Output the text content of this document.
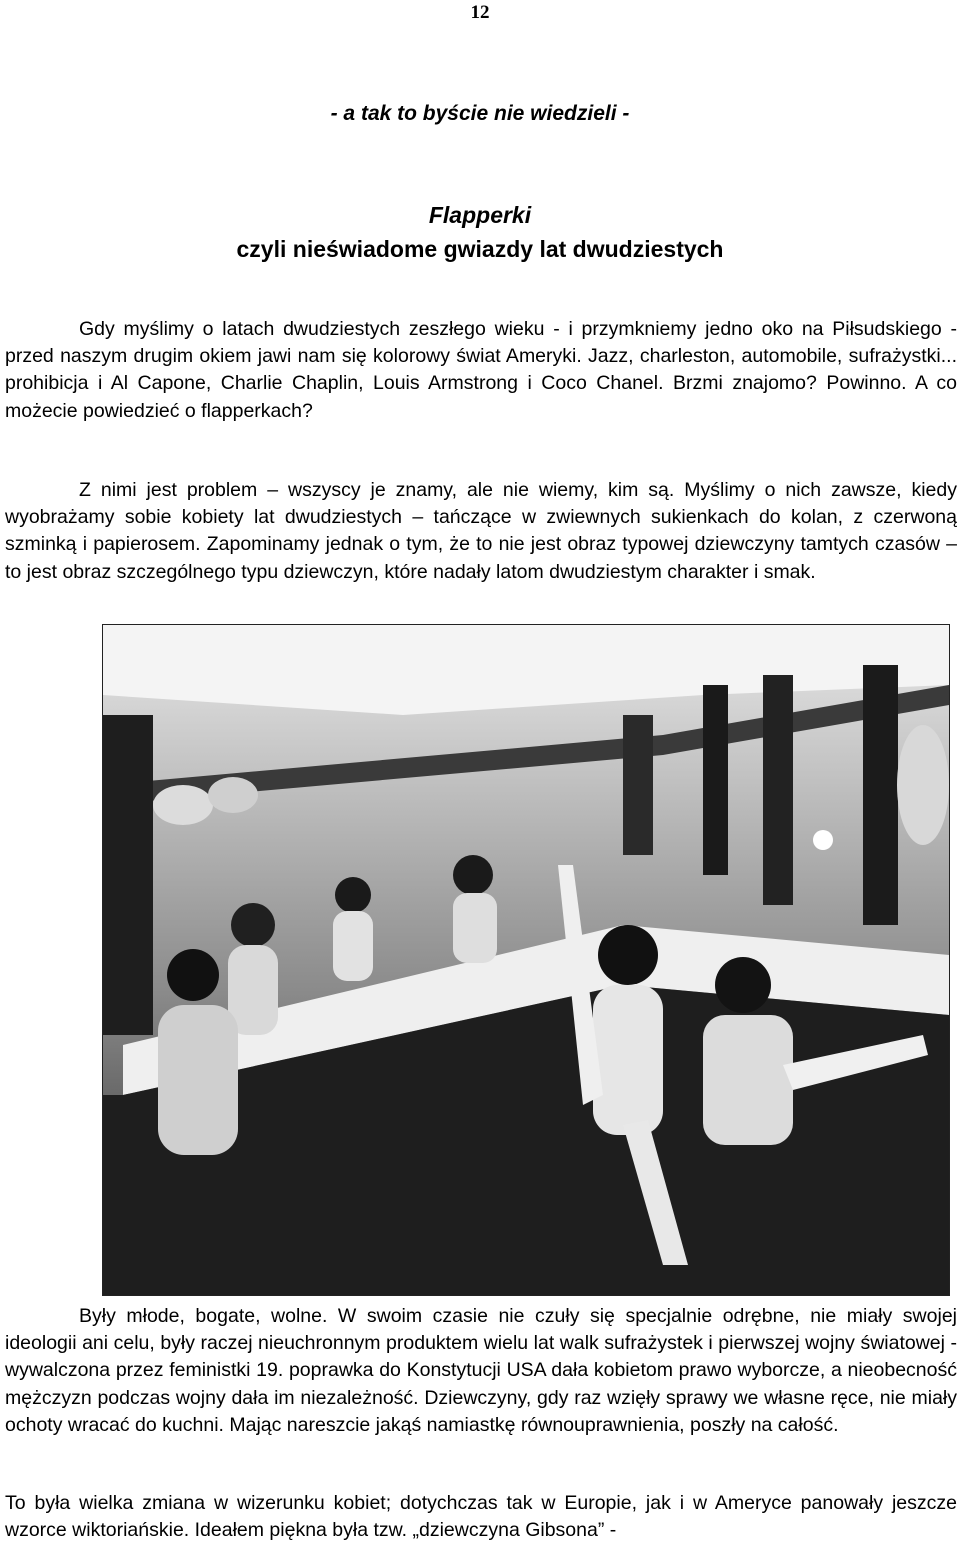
12
- a tak to byście nie wiedzieli -
Flapperki
czyli nieświadome gwiazdy lat dwudziestych

Gdy myślimy o latach dwudziestych zeszłego wieku - i przymkniemy jedno oko na Piłsudskiego - przed naszym drugim okiem jawi nam się kolorowy świat Ameryki. Jazz, charleston, automobile, sufrażystki... prohibicja i Al Capone, Charlie Chaplin, Louis Armstrong i Coco Chanel. Brzmi znajomo? Powinno. A co możecie powiedzieć o flapperkach?

Z nimi jest problem – wszyscy je znamy, ale nie wiemy, kim są. Myślimy o nich zawsze, kiedy wyobrażamy sobie kobiety lat dwudziestych – tańczące w zwiewnych sukienkach do kolan, z czerwoną szminką i papierosem. Zapominamy jednak o tym, że to nie jest obraz typowej dziewczyny tamtych czasów – to jest obraz szczególnego typu dziewczyn, które nadały latom dwudziestym charakter i smak.

Były młode, bogate, wolne. W swoim czasie nie czuły się specjalnie odrębne, nie miały swojej ideologii ani celu, były raczej nieuchronnym produktem wielu lat walk sufrażystek i pierwszej wojny światowej - wywalczona przez feministki 19. poprawka do Konstytucji USA dała kobietom prawo wyborcze, a nieobecność mężczyzn podczas wojny dała im niezależność. Dziewczyny, gdy raz wzięły sprawy we własne ręce, nie miały ochoty wracać do kuchni. Mając nareszcie jakąś namiastkę równouprawnienia, poszły na całość.

To była wielka zmiana w wizerunku kobiet; dotychczas tak w Europie, jak i w Ameryce panowały jeszcze wzorce wiktoriańskie. Ideałem piękna była tzw. „dziewczyna Gibsona” -
